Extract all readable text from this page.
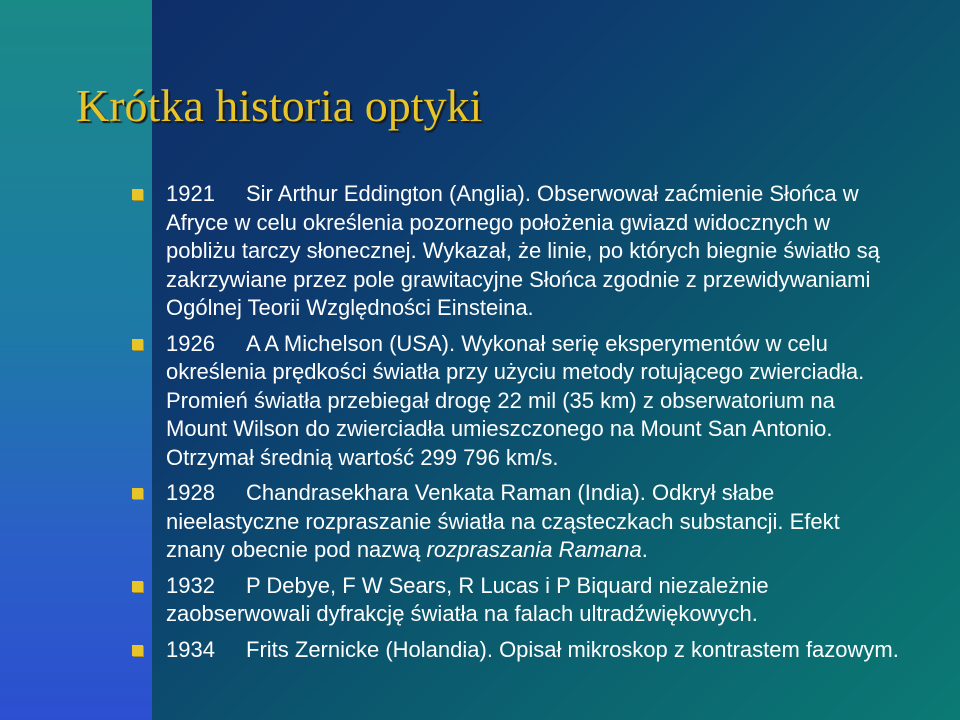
Krótka historia optyki
1921 Sir Arthur Eddington (Anglia). Obserwował zaćmienie Słońca w Afryce w celu określenia pozornego położenia gwiazd widocznych w pobliżu tarczy słonecznej. Wykazał, że linie, po których biegnie światło są zakrzywiane przez pole grawitacyjne Słońca zgodnie z przewidywaniami Ogólnej Teorii Względności Einsteina.
1926 A A Michelson (USA). Wykonał serię eksperymentów w celu określenia prędkości światła przy użyciu metody rotującego zwierciadła. Promień światła przebiegał drogę 22 mil (35 km) z obserwatorium na Mount Wilson do zwierciadła umieszczonego na Mount San Antonio. Otrzymał średnią wartość 299 796 km/s.
1928 Chandrasekhara Venkata Raman (India). Odkrył słabe nieelastyczne rozpraszanie światła na cząsteczkach substancji. Efekt znany obecnie pod nazwą rozpraszania Ramana.
1932 P Debye, F W Sears, R Lucas i P Biquard niezależnie zaobserwowali dyfrakcję światła na falach ultradźwiękowych.
1934 Frits Zernicke (Holandia). Opisał mikroskop z kontrastem fazowym.
